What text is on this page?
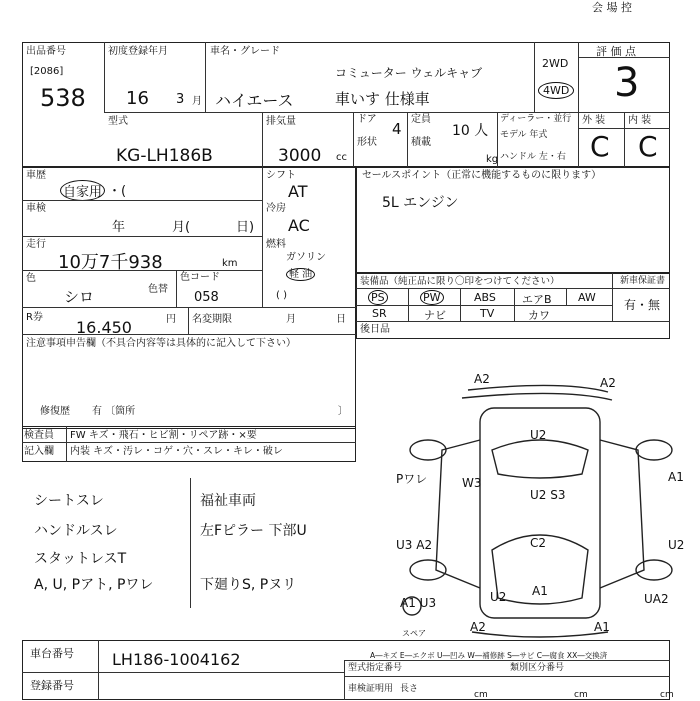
会 場 控
出品番号
[2086]
538
初度登録年月
16 3 月
車名・グレード
コミューター ウェルキャブ
ハイエース	車いす 仕様車
2WD
4WD
評 価 点
3
外 装 内 装
C C
型式
KG-LH186B
排気量
3000 cc
ドア
4
形状
定員
10 人
積載
kg
ディーラー・並行
モデル 年式
ハンドル 左・右
車歴
自家用 ・(
車検
年	月(	日)
走行
10万7千938	km
色
シロ	色替
色コード
058
R券
16.450	円 名変期限	月	日
注意事項申告欄（不具合内容等は具体的に記入して下さい）
修復歴 有 〔箇所	〕
シフト
AT
冷房
AC
燃料
ガソリン
軽 油
( )
セールスポイント（正常に機能するものに限ります）
5L エンジン
装備品（純正品に限り〇印をつけてください）	新車保証書
有・無
PS	PW	ABS エアB AW
SR	ナビ	TV	カワ
後日品
検査員
記入欄
FW キズ・飛石・ヒビ割・リペア跡・×要
内装 キズ・汚レ・コゲ・穴・スレ・キレ・破レ
シートスレ
ハンドルスレ
スタットレスT
A, U, Pアト, Pワレ
福祉車両
左Fピラー 下部U
下廻りS, Pヌリ
A2	A2
U2
Pワレ	W3
U2 S3
A1
U3 A2	C2	U2
A1
U2
A1 U3
A2	A1
UA2
スペア
A―キズ E―エクボ U―凹み W―補修跡 S―サビ C―腐食 XX―交換済
車台番号 LH186-1004162
登録番号
型式指定番号	類別区分番号
車検証明用 長さ
cm	cm	cm
